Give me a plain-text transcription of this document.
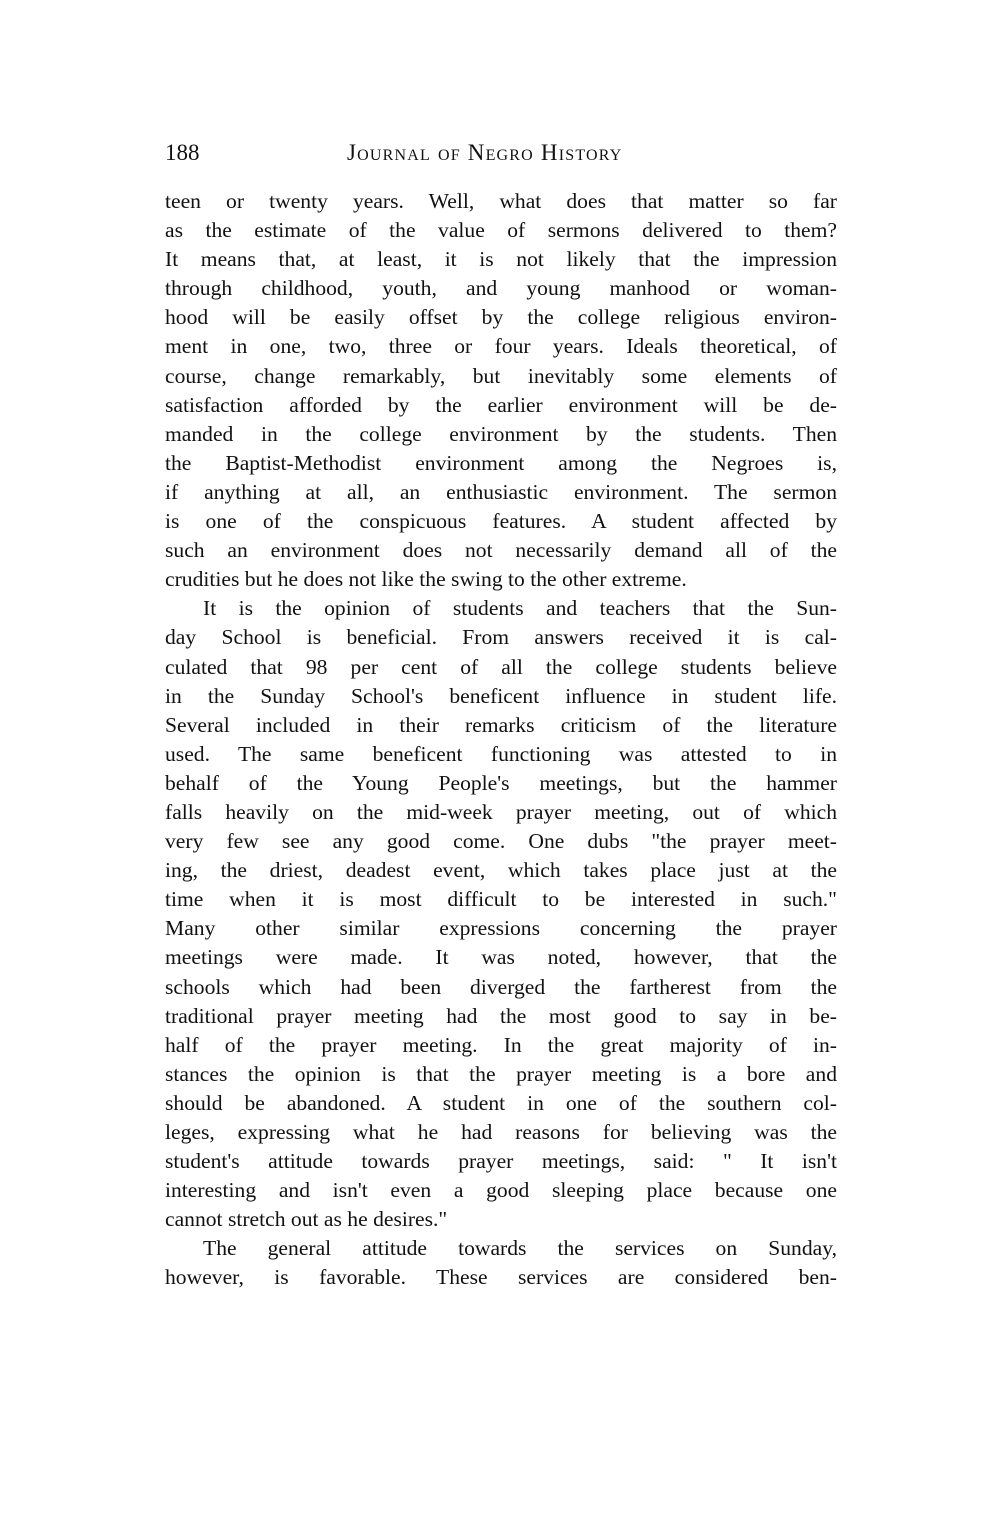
188	Journal of Negro History
teen or twenty years. Well, what does that matter so far
as the estimate of the value of sermons delivered to them?
It means that, at least, it is not likely that the impression
through childhood, youth, and young manhood or woman-
hood will be easily offset by the college religious environ-
ment in one, two, three or four years. Ideals theoretical, of
course, change remarkably, but inevitably some elements of
satisfaction afforded by the earlier environment will be de-
manded in the college environment by the students. Then
the Baptist-Methodist environment among the Negroes is,
if anything at all, an enthusiastic environment. The sermon
is one of the conspicuous features. A student affected by
such an environment does not necessarily demand all of the
crudities but he does not like the swing to the other extreme.
It is the opinion of students and teachers that the Sun-
day School is beneficial. From answers received it is cal-
culated that 98 per cent of all the college students believe
in the Sunday School's beneficent influence in student life.
Several included in their remarks criticism of the literature
used. The same beneficent functioning was attested to in
behalf of the Young People's meetings, but the hammer
falls heavily on the mid-week prayer meeting, out of which
very few see any good come. One dubs "the prayer meet-
ing, the driest, deadest event, which takes place just at the
time when it is most difficult to be interested in such."
Many other similar expressions concerning the prayer
meetings were made. It was noted, however, that the
schools which had been diverged the fartherest from the
traditional prayer meeting had the most good to say in be-
half of the prayer meeting. In the great majority of in-
stances the opinion is that the prayer meeting is a bore and
should be abandoned. A student in one of the southern col-
leges, expressing what he had reasons for believing was the
student's attitude towards prayer meetings, said: " It isn't
interesting and isn't even a good sleeping place because one
cannot stretch out as he desires."
The general attitude towards the services on Sunday,
however, is favorable. These services are considered ben-
